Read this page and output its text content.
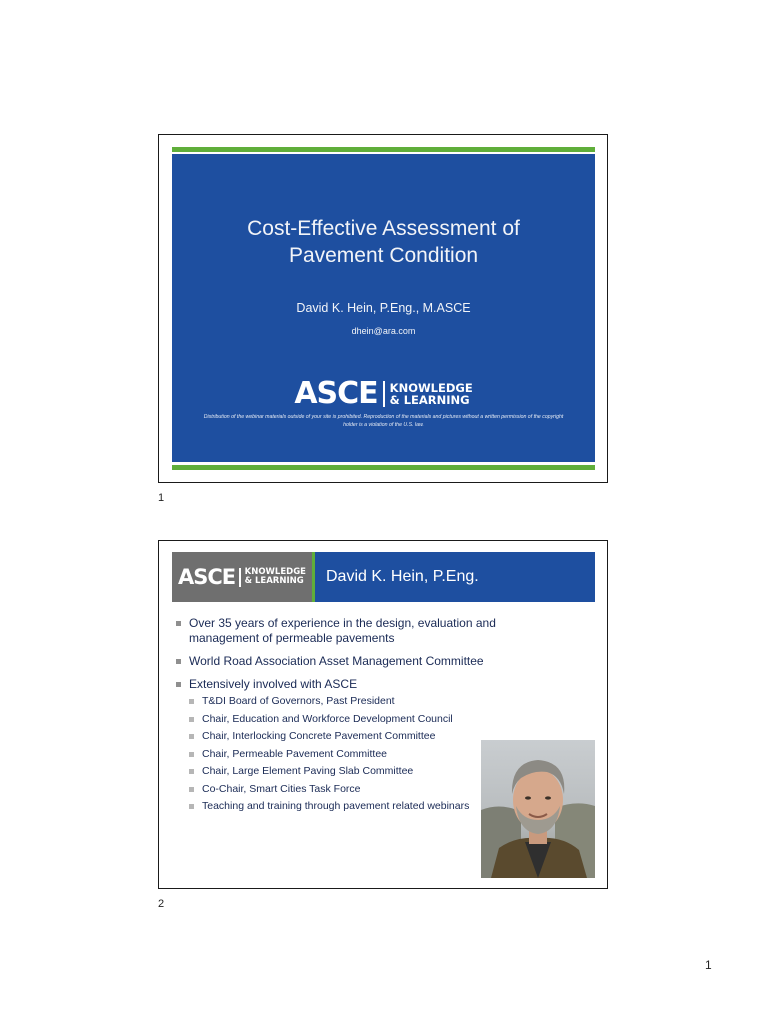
Cost-Effective Assessment of
Pavement Condition
David K. Hein, P.Eng., M.ASCE
dhein@ara.com
ASCE KNOWLEDGE
& LEARNING
Distribution of the webinar materials outside of your site is prohibited. Reproduction of the materials and pictures without a written permission of the copyright holder is a violation of the U.S. law.
1
ASCE KNOWLEDGE
& LEARNING	David K. Hein, P.Eng.
Over 35 years of experience in the design, evaluation and management of permeable pavements
World Road Association Asset Management Committee
Extensively involved with ASCE
T&DI Board of Governors, Past President
Chair, Education and Workforce Development Council
Chair, Interlocking Concrete Pavement Committee
Chair, Permeable Pavement Committee
Chair, Large Element Paving Slab Committee
Co-Chair, Smart Cities Task Force
Teaching and training through pavement related webinars
2
1
